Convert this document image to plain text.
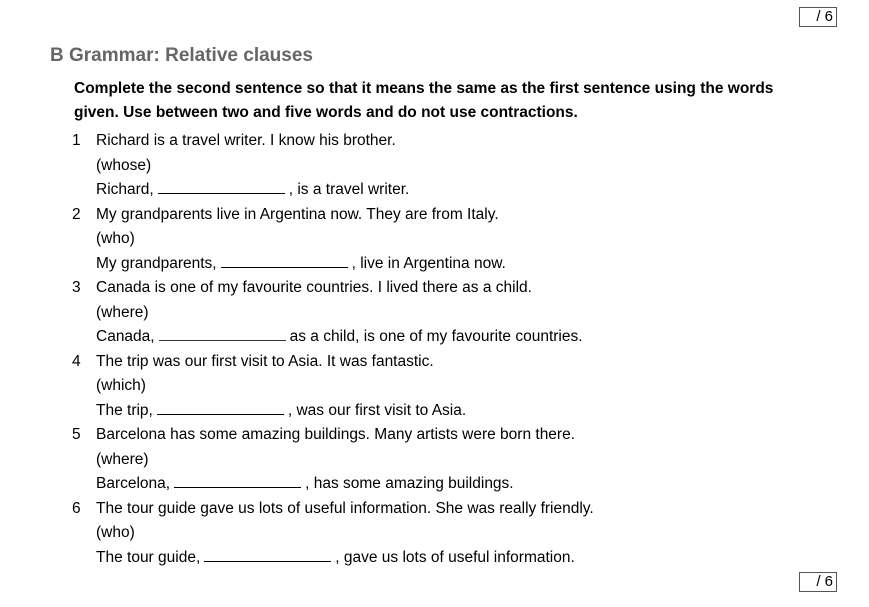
/ 6
B Grammar: Relative clauses
Complete the second sentence so that it means the same as the first sentence using the words given. Use between two and five words and do not use contractions.
1 Richard is a travel writer. I know his brother.
(whose)
Richard,	, is a travel writer.
2 My grandparents live in Argentina now. They are from Italy.
(who)
My grandparents,	, live in Argentina now.
3 Canada is one of my favourite countries. I lived there as a child.
(where)
Canada,	as a child, is one of my favourite countries.
4 The trip was our first visit to Asia. It was fantastic.
(which)
The trip,	, was our first visit to Asia.
5 Barcelona has some amazing buildings. Many artists were born there.
(where)
Barcelona,	, has some amazing buildings.
6 The tour guide gave us lots of useful information. She was really friendly.
(who)
The tour guide,	, gave us lots of useful information.
/ 6
